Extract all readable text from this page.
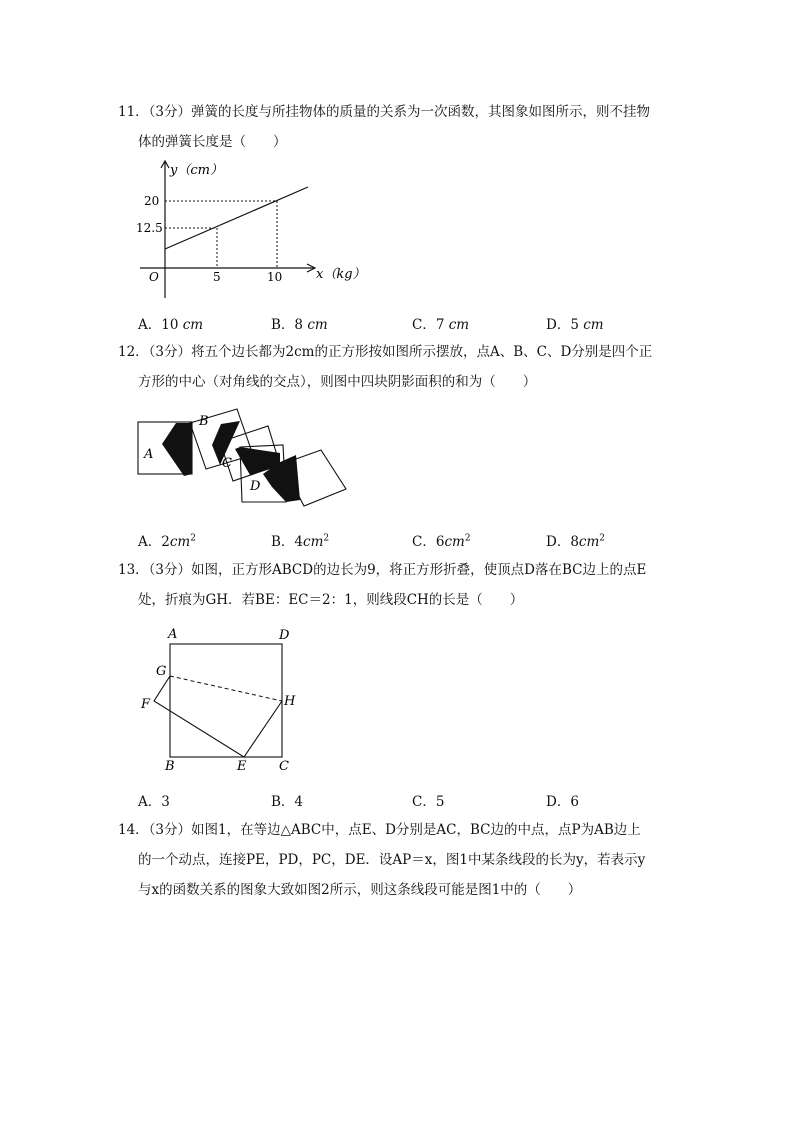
11．（3分）弹簧的长度与所挂物体的质量的关系为一次函数，其图象如图所示，则不挂物
体的弹簧长度是（　　）
y（cm）
20
12.5
O	5	10	x（kg）
A．10 cm	B．8 cm	C．7 cm	D．5 cm
12．（3分）将五个边长都为2cm的正方形按如图所示摆放，点A、B、C、D分别是四个正
方形的中心（对角线的交点），则图中四块阴影面积的和为（　　）
A
B
C
D
A．$2cm^2$	B．$4cm^2$	C．$6cm^2$	D．$8cm^2$
13．（3分）如图，正方形ABCD的边长为9，将正方形折叠，使顶点D落在BC边上的点E
处，折痕为GH．若BE：EC＝2：1，则线段CH的长是（　　）
A	D
G
H
F
B	E	C
A．3	B．4	C．5	D．6
14．（3分）如图1，在等边△ABC中，点E、D分别是AC，BC边的中点，点P为AB边上
的一个动点，连接PE，PD，PC，DE．设AP＝x，图1中某条线段的长为y，若表示y
与x的函数关系的图象大致如图2所示，则这条线段可能是图1中的（　　）
